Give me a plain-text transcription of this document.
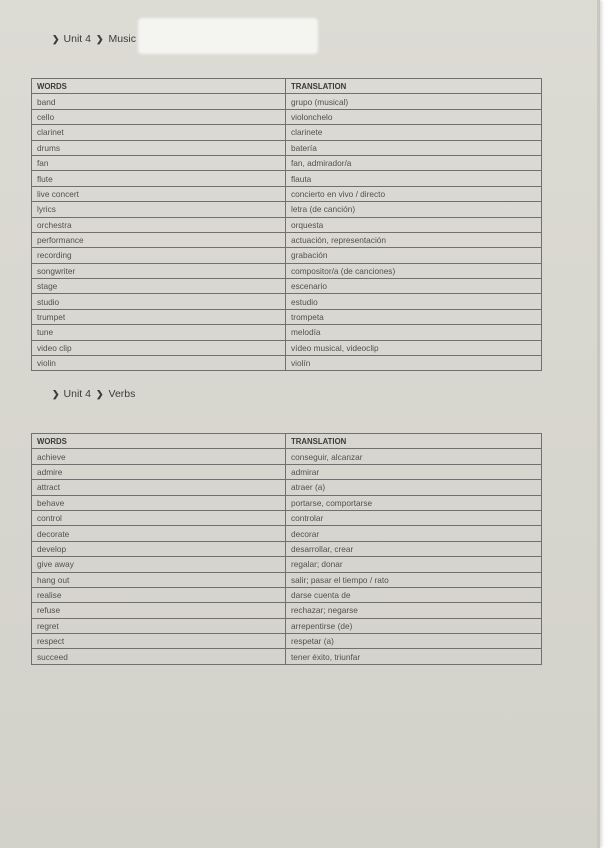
❯ Unit 4 ❯ Music
WORDS	TRANSLATION
band	grupo (musical)
cello	violonchelo
clarinet	clarinete
drums	batería
fan	fan, admirador/a
flute	flauta
live concert	concierto en vivo / directo
lyrics	letra (de canción)
orchestra	orquesta
performance	actuación, representación
recording	grabación
songwriter	compositor/a (de canciones)
stage	escenario
studio	estudio
trumpet	trompeta
tune	melodía
video clip	vídeo musical, videoclip
violin	violín
❯ Unit 4 ❯ Verbs
WORDS	TRANSLATION
achieve	conseguir, alcanzar
admire	admirar
attract	atraer (a)
behave	portarse, comportarse
control	controlar
decorate	decorar
develop	desarrollar, crear
give away	regalar; donar
hang out	salir; pasar el tiempo / rato
realise	darse cuenta de
refuse	rechazar; negarse
regret	arrepentirse (de)
respect	respetar (a)
succeed	tener éxito, triunfar
